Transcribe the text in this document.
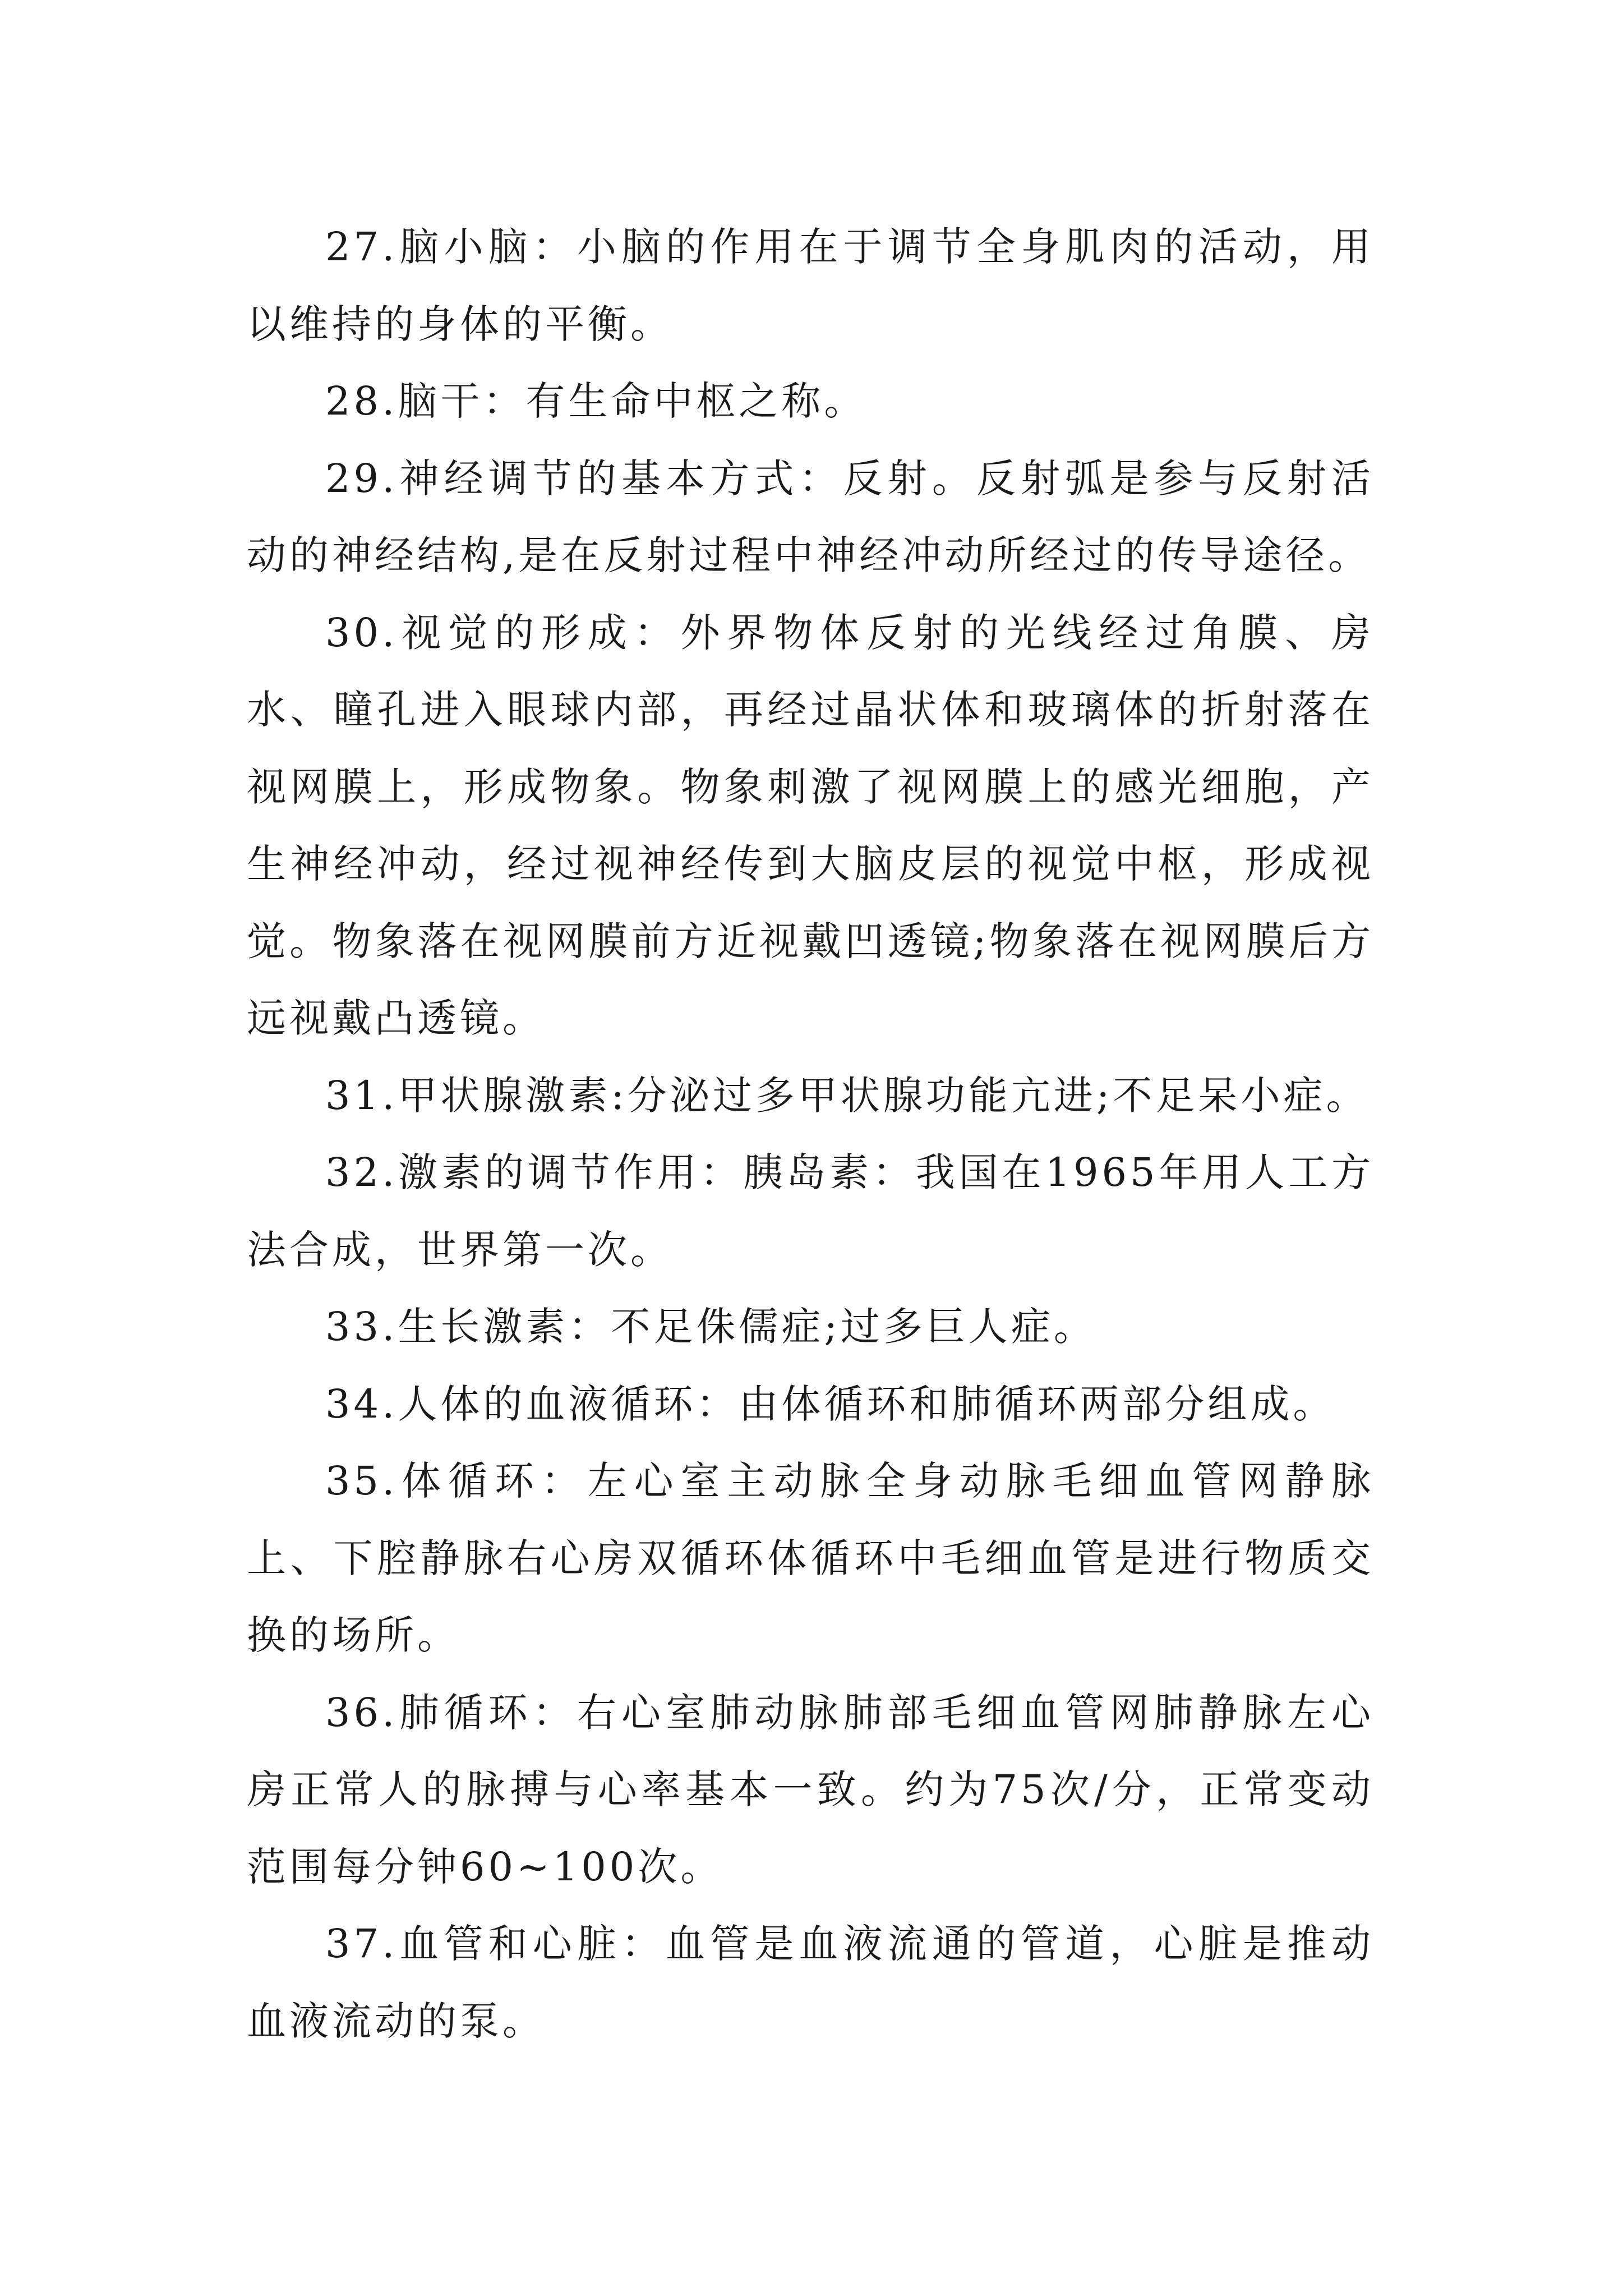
27.脑小脑：小脑的作用在于调节全身肌肉的活动，用以维持的身体的平衡。

28.脑干：有生命中枢之称。

29.神经调节的基本方式：反射。反射弧是参与反射活动的神经结构,是在反射过程中神经冲动所经过的传导途径。

30.视觉的形成：外界物体反射的光线经过角膜、房水、瞳孔进入眼球内部，再经过晶状体和玻璃体的折射落在视网膜上，形成物象。物象刺激了视网膜上的感光细胞，产生神经冲动，经过视神经传到大脑皮层的视觉中枢，形成视觉。物象落在视网膜前方近视戴凹透镜;物象落在视网膜后方远视戴凸透镜。

31.甲状腺激素:分泌过多甲状腺功能亢进;不足呆小症。

32.激素的调节作用：胰岛素：我国在1965年用人工方法合成，世界第一次。

33.生长激素：不足侏儒症;过多巨人症。

34.人体的血液循环：由体循环和肺循环两部分组成。

35.体循环：左心室主动脉全身动脉毛细血管网静脉上、下腔静脉右心房双循环体循环中毛细血管是进行物质交换的场所。

36.肺循环：右心室肺动脉肺部毛细血管网肺静脉左心房正常人的脉搏与心率基本一致。约为75次/分，正常变动范围每分钟60~100次。

37.血管和心脏：血管是血液流通的管道，心脏是推动血液流动的泵。
